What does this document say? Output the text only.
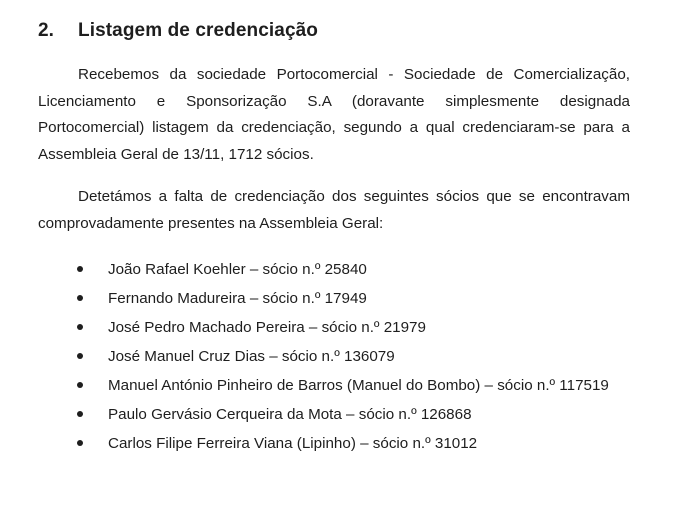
2. Listagem de credenciação

Recebemos da sociedade Portocomercial - Sociedade de Comercialização, Licenciamento e Sponsorização S.A (doravante simplesmente designada Portocomercial) listagem da credenciação, segundo a qual credenciaram-se para a Assembleia Geral de 13/11, 1712 sócios.

Detetámos a falta de credenciação dos seguintes sócios que se encontravam comprovadamente presentes na Assembleia Geral:

João Rafael Koehler – sócio n.º 25840
Fernando Madureira – sócio n.º 17949
José Pedro Machado Pereira – sócio n.º 21979
José Manuel Cruz Dias – sócio n.º 136079
Manuel António Pinheiro de Barros (Manuel do Bombo) – sócio n.º 117519
Paulo Gervásio Cerqueira da Mota – sócio n.º 126868
Carlos Filipe Ferreira Viana (Lipinho) – sócio n.º 31012
